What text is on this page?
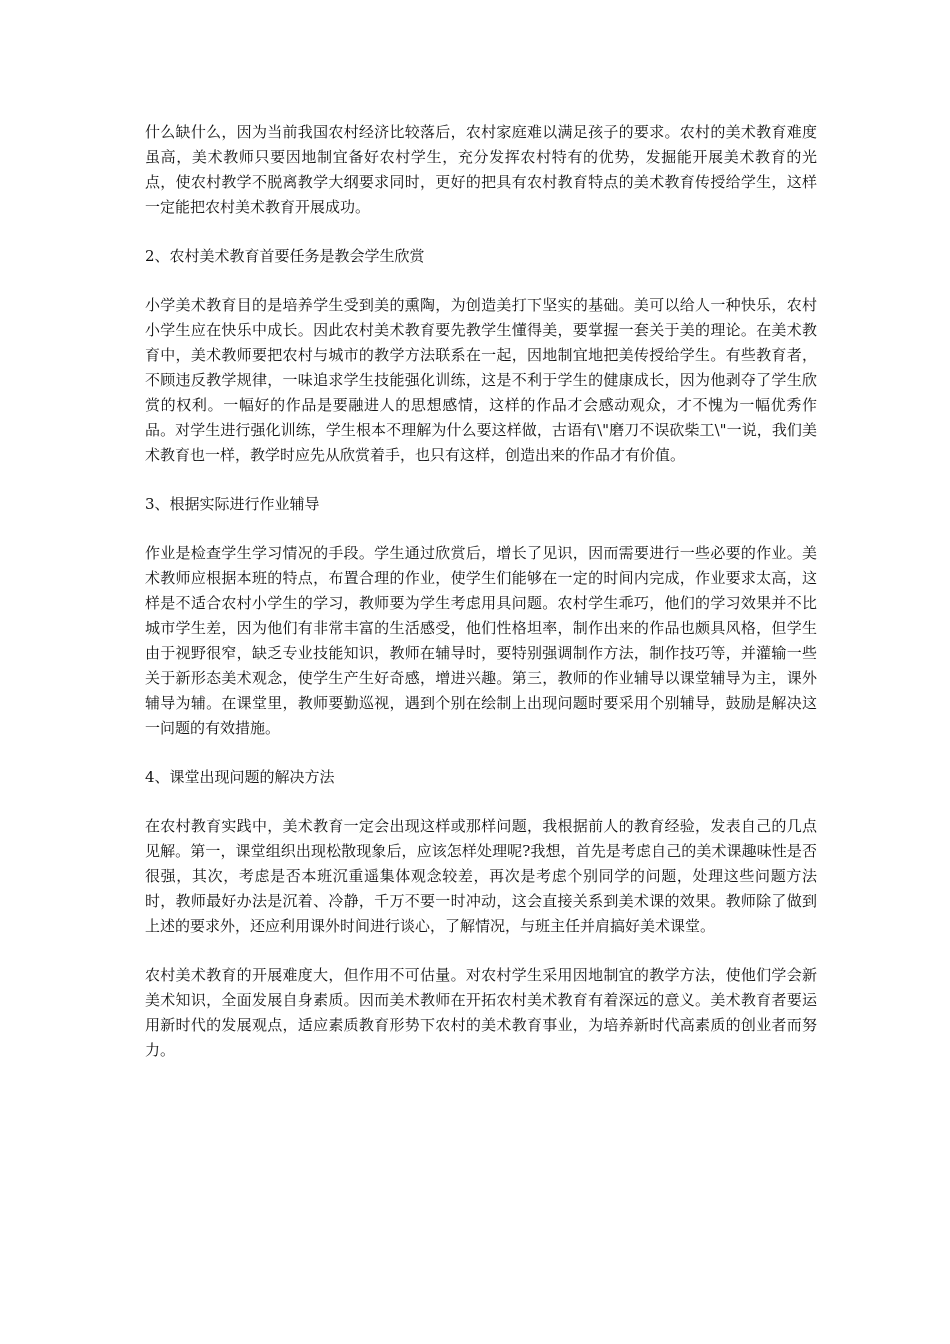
什么缺什么，因为当前我国农村经济比较落后，农村家庭难以满足孩子的要求。农村的美术教育难度虽高，美术教师只要因地制宜备好农村学生，充分发挥农村特有的优势，发掘能开展美术教育的光点，使农村教学不脱离教学大纲要求同时，更好的把具有农村教育特点的美术教育传授给学生，这样一定能把农村美术教育开展成功。

2、农村美术教育首要任务是教会学生欣赏

小学美术教育目的是培养学生受到美的熏陶，为创造美打下坚实的基础。美可以给人一种快乐，农村小学生应在快乐中成长。因此农村美术教育要先教学生懂得美，要掌握一套关于美的理论。在美术教育中，美术教师要把农村与城市的教学方法联系在一起，因地制宜地把美传授给学生。有些教育者，不顾违反教学规律，一味追求学生技能强化训练，这是不利于学生的健康成长，因为他剥夺了学生欣赏的权利。一幅好的作品是要融进人的思想感情，这样的作品才会感动观众，才不愧为一幅优秀作品。对学生进行强化训练，学生根本不理解为什么要这样做，古语有\"磨刀不误砍柴工\"一说，我们美术教育也一样，教学时应先从欣赏着手，也只有这样，创造出来的作品才有价值。

3、根据实际进行作业辅导

作业是检查学生学习情况的手段。学生通过欣赏后，增长了见识，因而需要进行一些必要的作业。美术教师应根据本班的特点，布置合理的作业，使学生们能够在一定的时间内完成，作业要求太高，这样是不适合农村小学生的学习，教师要为学生考虑用具问题。农村学生乖巧，他们的学习效果并不比城市学生差，因为他们有非常丰富的生活感受，他们性格坦率，制作出来的作品也颇具风格，但学生由于视野很窄，缺乏专业技能知识，教师在辅导时，要特别强调制作方法，制作技巧等，并灌输一些关于新形态美术观念，使学生产生好奇感，增进兴趣。第三，教师的作业辅导以课堂辅导为主，课外辅导为辅。在课堂里，教师要勤巡视，遇到个别在绘制上出现问题时要采用个别辅导，鼓励是解决这一问题的有效措施。

4、课堂出现问题的解决方法

在农村教育实践中，美术教育一定会出现这样或那样问题，我根据前人的教育经验，发表自己的几点见解。第一，课堂组织出现松散现象后，应该怎样处理呢?我想，首先是考虑自己的美术课趣味性是否很强，其次，考虑是否本班沉重遥集体观念较差，再次是考虑个别同学的问题，处理这些问题方法时，教师最好办法是沉着、冷静，千万不要一时冲动，这会直接关系到美术课的效果。教师除了做到上述的要求外，还应利用课外时间进行谈心，了解情况，与班主任并肩搞好美术课堂。

农村美术教育的开展难度大，但作用不可估量。对农村学生采用因地制宜的教学方法，使他们学会新美术知识，全面发展自身素质。因而美术教师在开拓农村美术教育有着深远的意义。美术教育者要运用新时代的发展观点，适应素质教育形势下农村的美术教育事业，为培养新时代高素质的创业者而努力。
